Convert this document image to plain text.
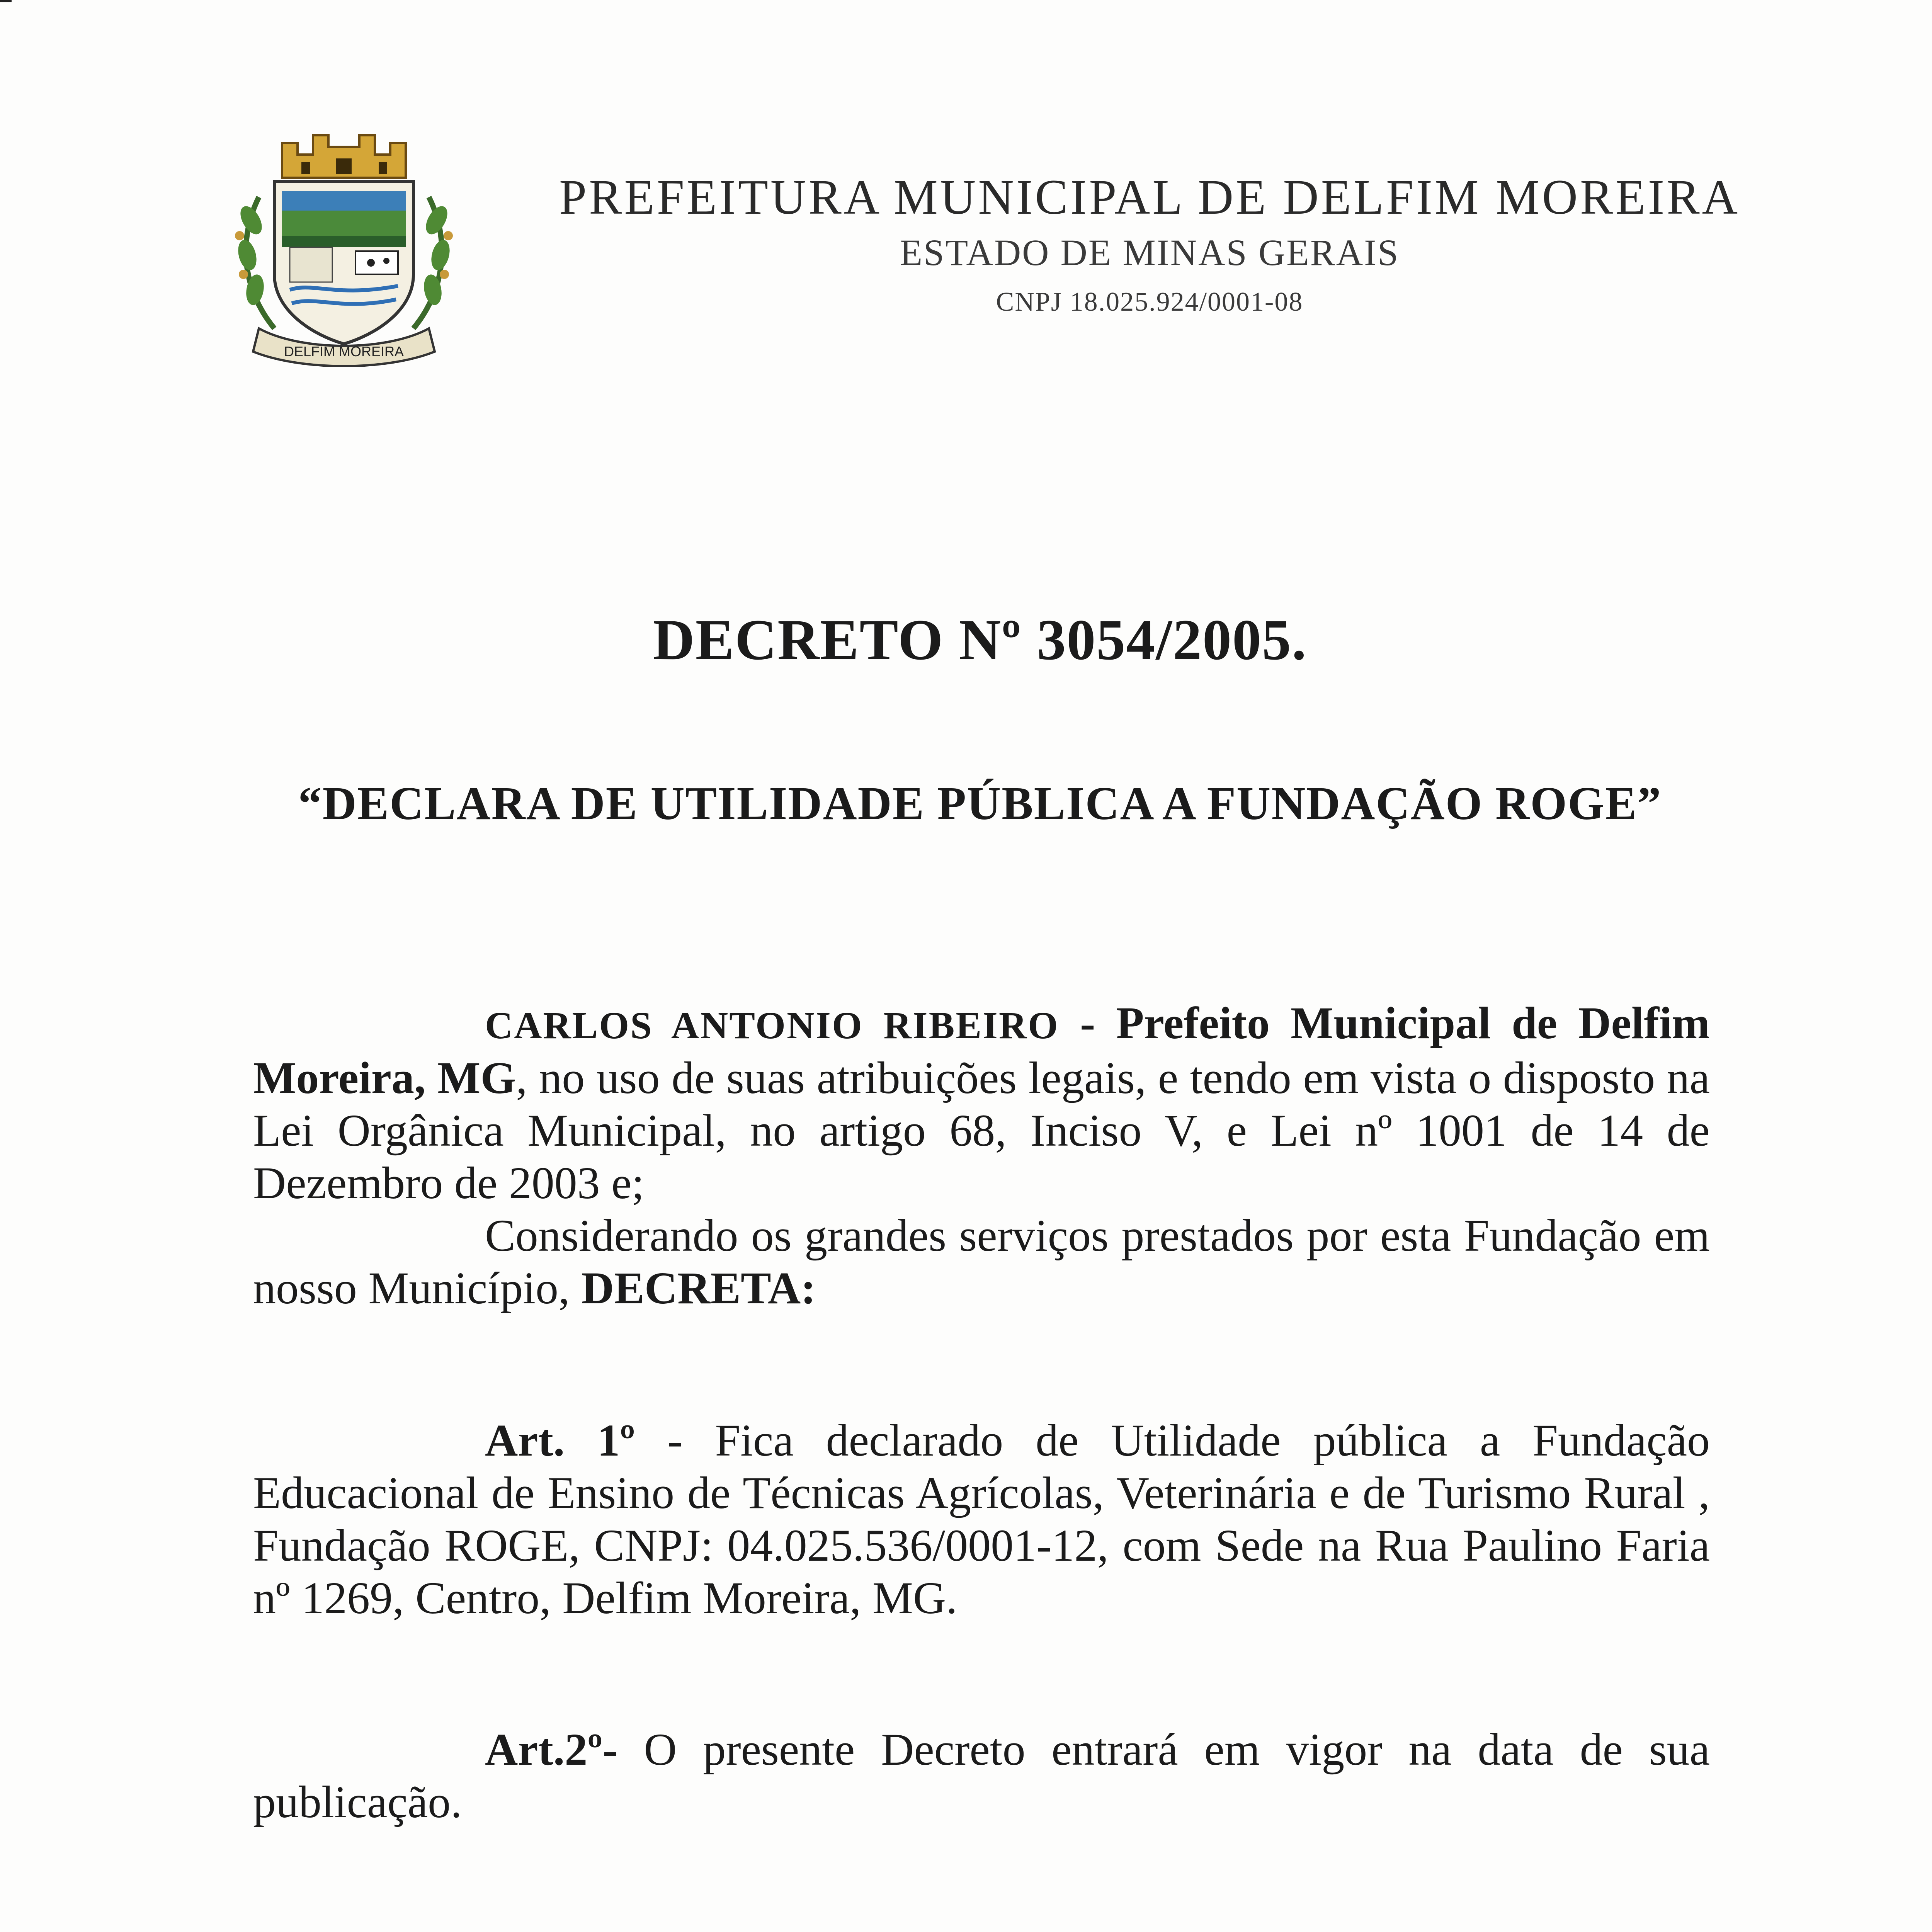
DELFIM MOREIRA
PREFEITURA MUNICIPAL DE DELFIM MOREIRA
ESTADO DE MINAS GERAIS
CNPJ 18.025.924/0001-08
DECRETO Nº 3054/2005.
“DECLARA DE UTILIDADE PÚBLICA A FUNDAÇÃO ROGE”

CARLOS ANTONIO RIBEIRO - Prefeito Municipal de Delfim Moreira, MG, no uso de suas atribuições legais, e tendo em vista o disposto na Lei Orgânica Municipal, no artigo 68, Inciso V, e Lei nº 1001 de 14 de Dezembro de 2003 e;

Considerando os grandes serviços prestados por esta Fundação em nosso Município, DECRETA:

Art. 1º - Fica declarado de Utilidade pública a Fundação Educacional de Ensino de Técnicas Agrícolas, Veterinária e de Turismo Rural , Fundação ROGE, CNPJ: 04.025.536/0001-12, com Sede na Rua Paulino Faria nº 1269, Centro, Delfim Moreira, MG.

Art.2º- O presente Decreto entrará em vigor na data de sua publicação.
